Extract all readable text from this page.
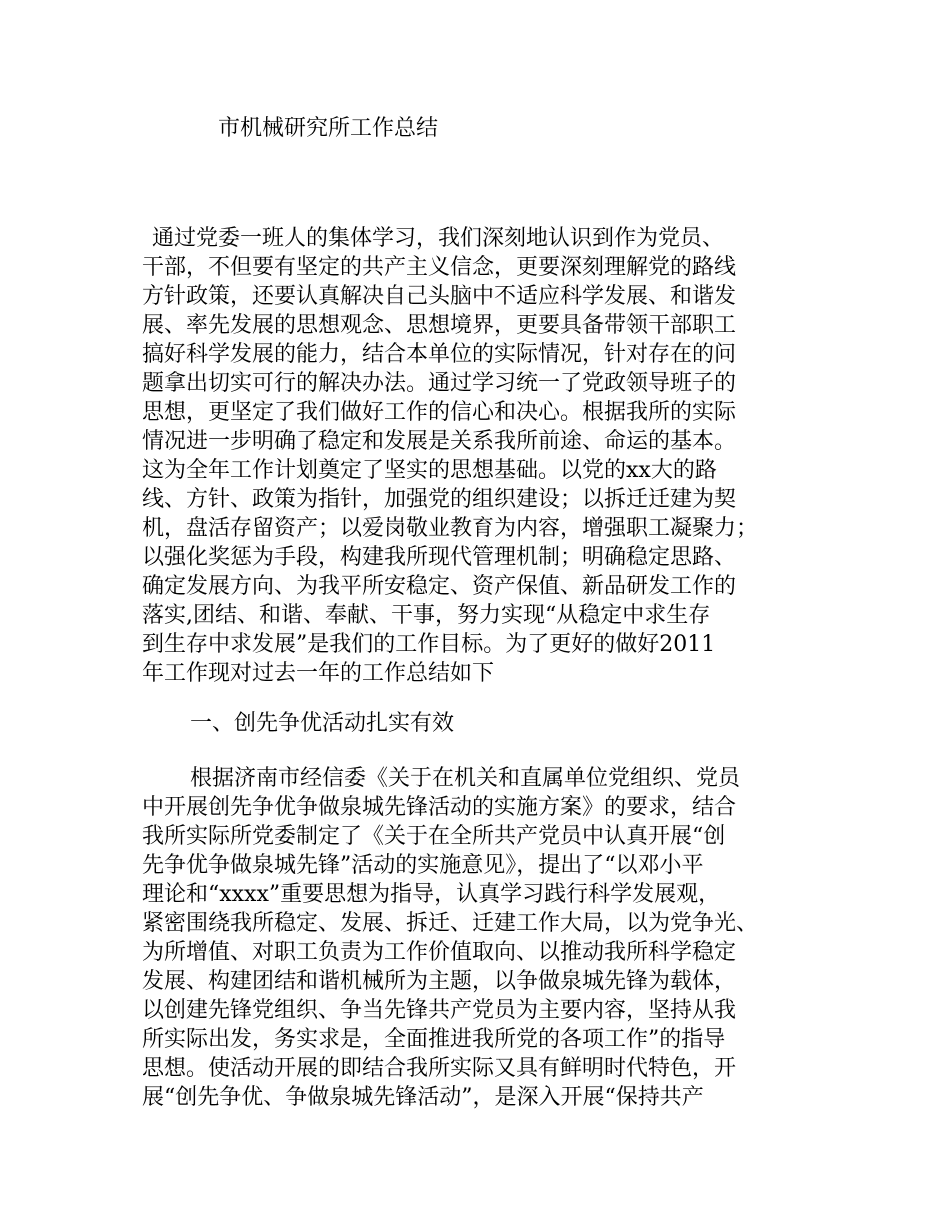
市机械研究所工作总结
通过党委一班人的集体学习，我们深刻地认识到作为党员、
干部，不但要有坚定的共产主义信念，更要深刻理解党的路线
方针政策，还要认真解决自己头脑中不适应科学发展、和谐发
展、率先发展的思想观念、思想境界，更要具备带领干部职工
搞好科学发展的能力，结合本单位的实际情况，针对存在的问
题拿出切实可行的解决办法。通过学习统一了党政领导班子的
思想，更坚定了我们做好工作的信心和决心。根据我所的实际
情况进一步明确了稳定和发展是关系我所前途、命运的基本。
这为全年工作计划奠定了坚实的思想基础。以党的xx大的路
线、方针、政策为指针，加强党的组织建设；以拆迁迁建为契
机，盘活存留资产；以爱岗敬业教育为内容，增强职工凝聚力；
以强化奖惩为手段，构建我所现代管理机制；明确稳定思路、
确定发展方向、为我平所安稳定、资产保值、新品研发工作的
落实,团结、和谐、奉献、干事，努力实现“从稳定中求生存
到生存中求发展”是我们的工作目标。为了更好的做好2011
年工作现对过去一年的工作总结如下
一、创先争优活动扎实有效
根据济南市经信委《关于在机关和直属单位党组织、党员
中开展创先争优争做泉城先锋活动的实施方案》的要求，结合
我所实际所党委制定了《关于在全所共产党员中认真开展“创
先争优争做泉城先锋”活动的实施意见》，提出了“以邓小平
理论和“xxxx”重要思想为指导，认真学习践行科学发展观，
紧密围绕我所稳定、发展、拆迁、迁建工作大局，以为党争光、
为所增值、对职工负责为工作价值取向、以推动我所科学稳定
发展、构建团结和谐机械所为主题，以争做泉城先锋为载体，
以创建先锋党组织、争当先锋共产党员为主要内容，坚持从我
所实际出发，务实求是，全面推进我所党的各项工作”的指导
思想。使活动开展的即结合我所实际又具有鲜明时代特色，开
展“创先争优、争做泉城先锋活动”，是深入开展“保持共产
